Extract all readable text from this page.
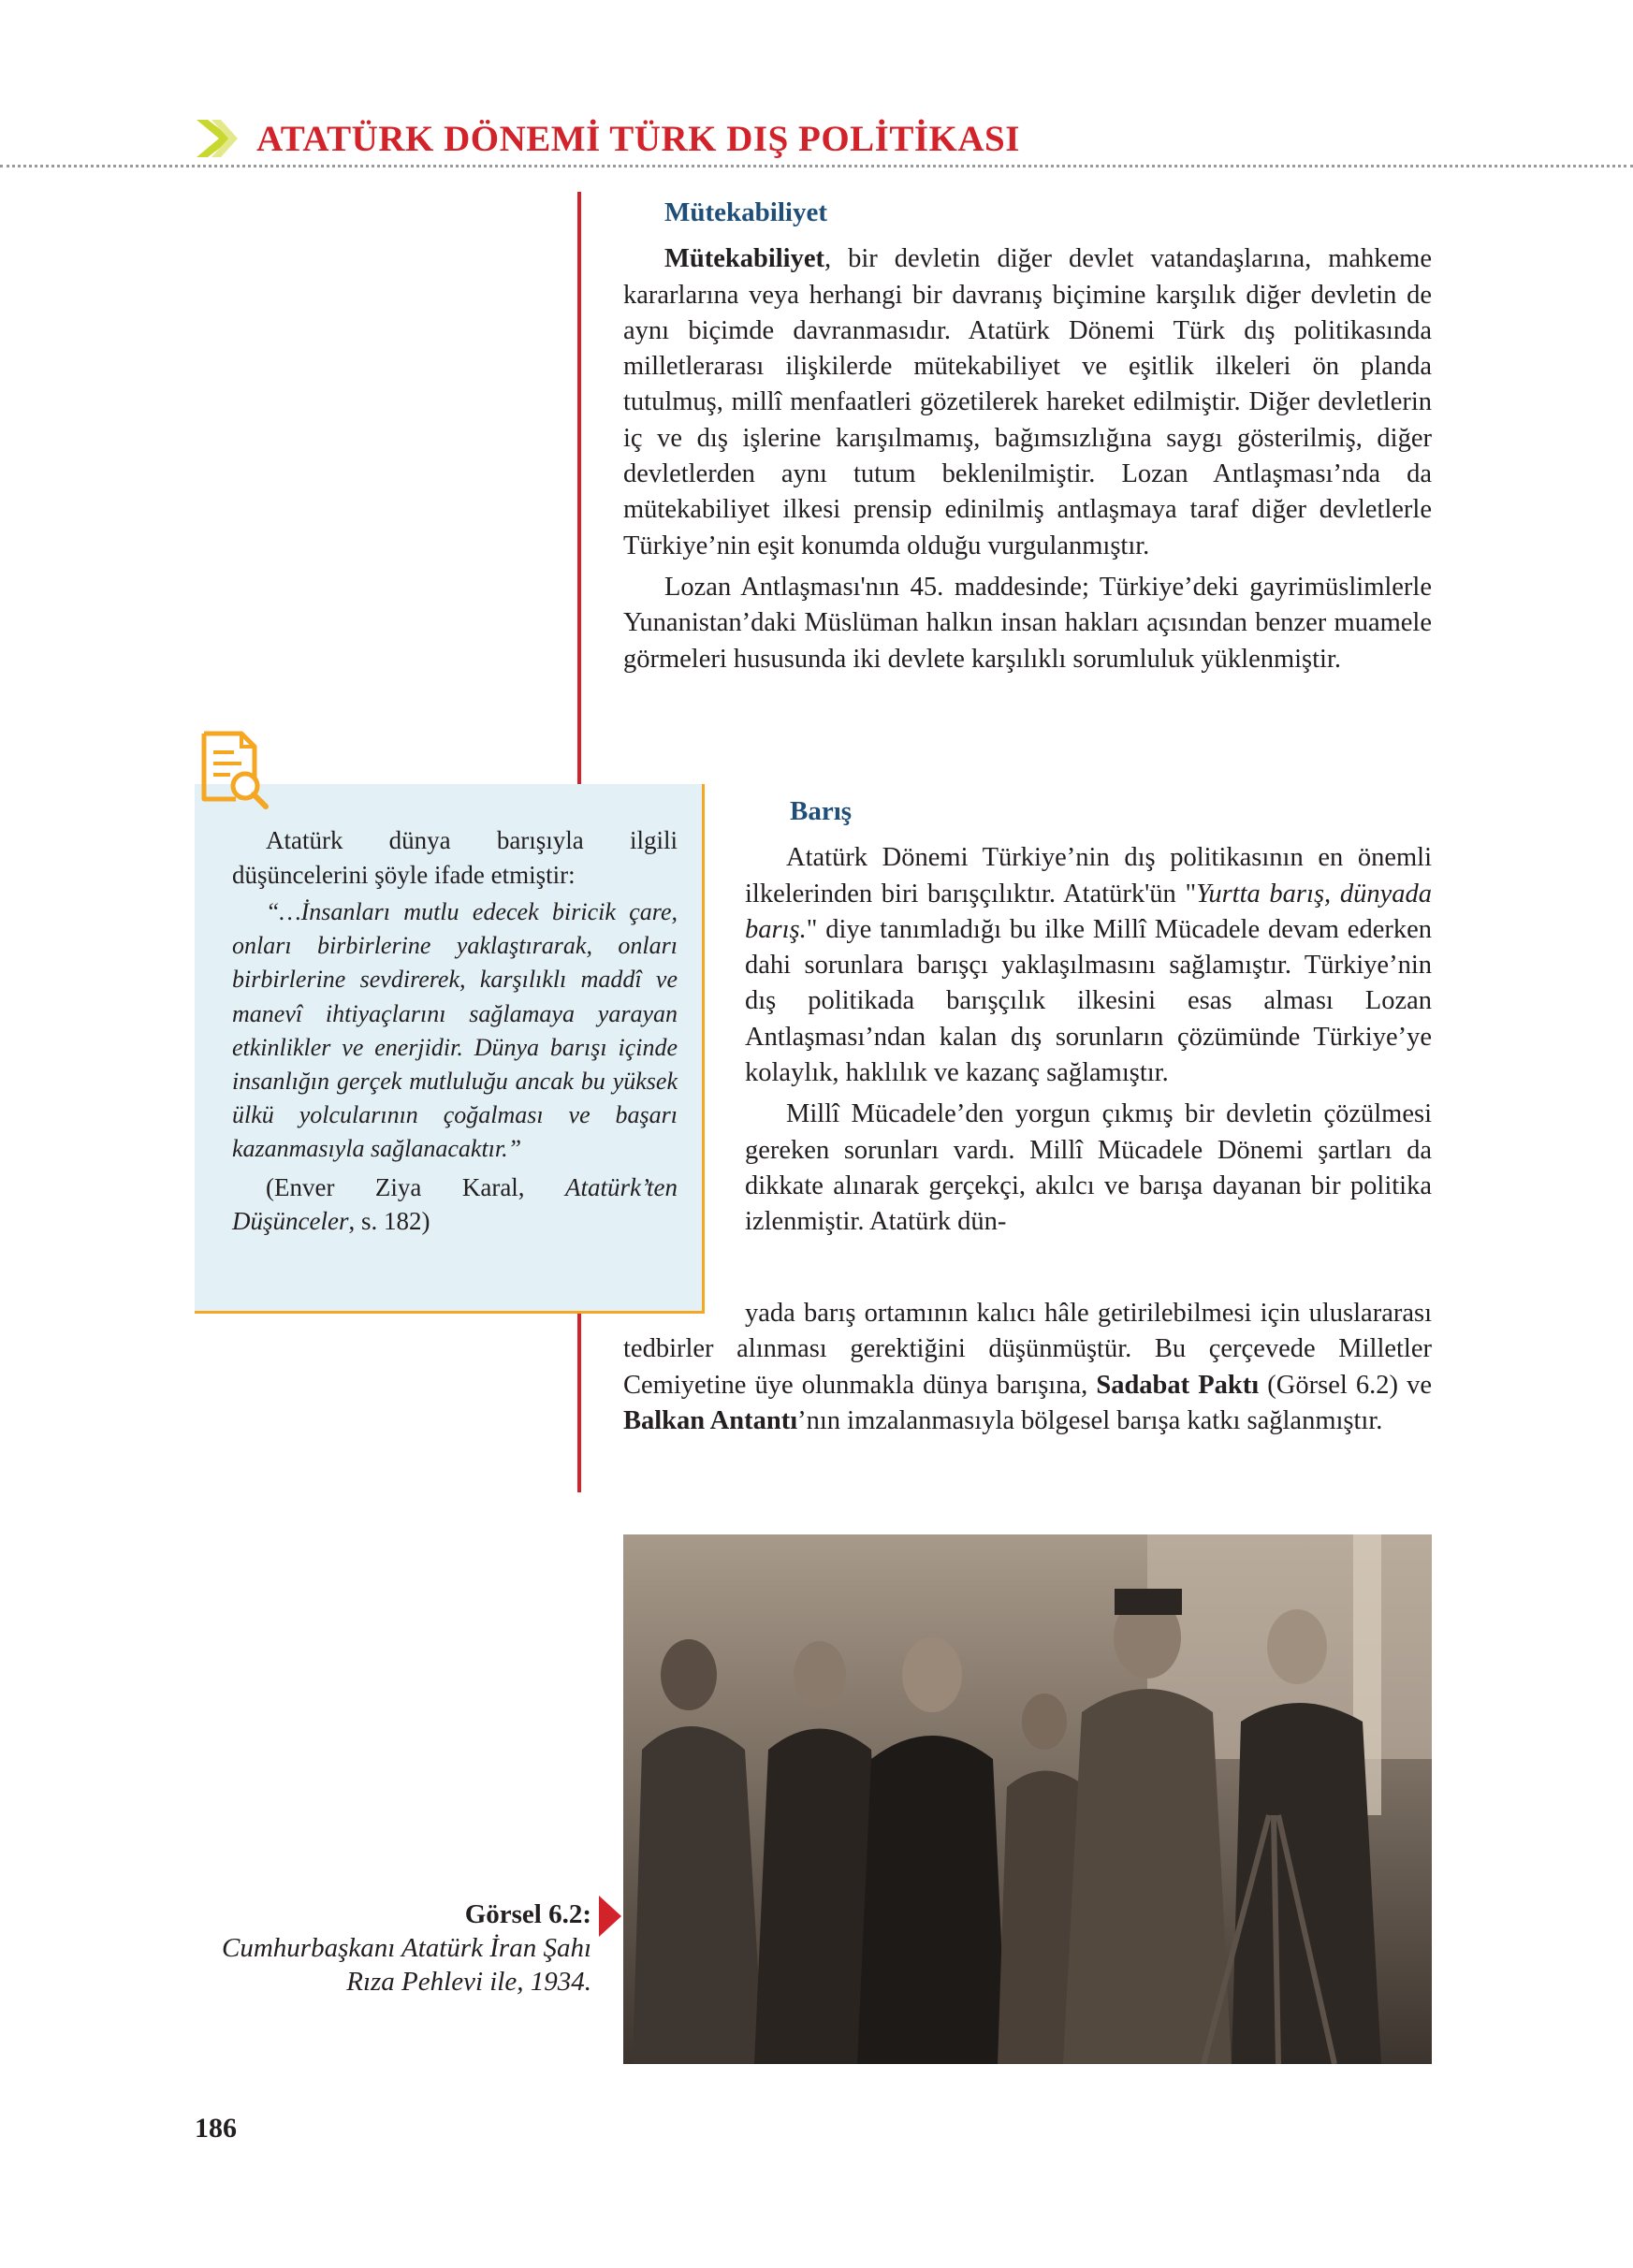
ATATÜRK DÖNEMİ TÜRK DIŞ POLİTİKASI
Mütekabiliyet

Mütekabiliyet, bir devletin diğer devlet vatandaşlarına, mahkeme kararlarına veya herhangi bir davranış biçimine karşılık diğer devletin de aynı biçimde davranmasıdır. Atatürk Dönemi Türk dış politikasında milletlerarası ilişkilerde mütekabiliyet ve eşitlik ilkeleri ön planda tutulmuş, millî menfaatleri gözetilerek hareket edilmiştir. Diğer devletlerin iç ve dış işlerine karışılmamış, bağımsızlığına saygı gösterilmiş, diğer devletlerden aynı tutum beklenilmiştir. Lozan Antlaşması’nda da mütekabiliyet ilkesi prensip edinilmiş antlaşmaya taraf diğer devletlerle Türkiye’nin eşit konumda olduğu vurgulanmıştır.

Lozan Antlaşması'nın 45. maddesinde; Türkiye’deki gayrimüslimlerle Yunanistan’daki Müslüman halkın insan hakları açısından benzer muamele görmeleri hususunda iki devlete karşılıklı sorumluluk yüklenmiştir.

Barış

Atatürk Dönemi Türkiye’nin dış politikasının en önemli ilkelerinden biri barışçılıktır. Atatürk'ün "Yurtta barış, dünyada barış." diye tanımladığı bu ilke Millî Mücadele devam ederken dahi sorunlara barışçı yaklaşılmasını sağlamıştır. Türkiye’nin dış politikada barışçılık ilkesini esas alması Lozan Antlaşması’ndan kalan dış sorunların çözümünde Türkiye’ye kolaylık, haklılık ve kazanç sağlamıştır.

Millî Mücadele’den yorgun çıkmış bir devletin çözülmesi gereken sorunları vardı. Millî Mücadele Dönemi şartları da dikkate alınarak gerçekçi, akılcı ve barışa dayanan bir politika izlenmiştir. Atatürk dün-

yada barış ortamının kalıcı hâle getirilebilmesi için uluslararası tedbirler alınması gerektiğini düşünmüştür. Bu çerçevede Milletler Cemiyetine üye olunmakla dünya barışına, Sadabat Paktı (Görsel 6.2) ve Balkan Antantı’nın imzalanmasıyla bölgesel barışa katkı sağlanmıştır.

Atatürk dünya barışıyla ilgili düşüncelerini şöyle ifade etmiştir:

“…İnsanları mutlu edecek biricik çare, onları birbirlerine yaklaştırarak, onları birbirlerine sevdirerek, karşılıklı maddî ve manevî ihtiyaçlarını sağlamaya yarayan etkinlikler ve enerjidir. Dünya barışı içinde insanlığın gerçek mutluluğu ancak bu yüksek ülkü yolcularının çoğalması ve başarı kazanmasıyla sağlanacaktır.”

(Enver Ziya Karal, Atatürk’ten Düşünceler, s. 182)

Görsel 6.2:
Cumhurbaşkanı Atatürk İran Şahı Rıza Pehlevi ile, 1934.
186
